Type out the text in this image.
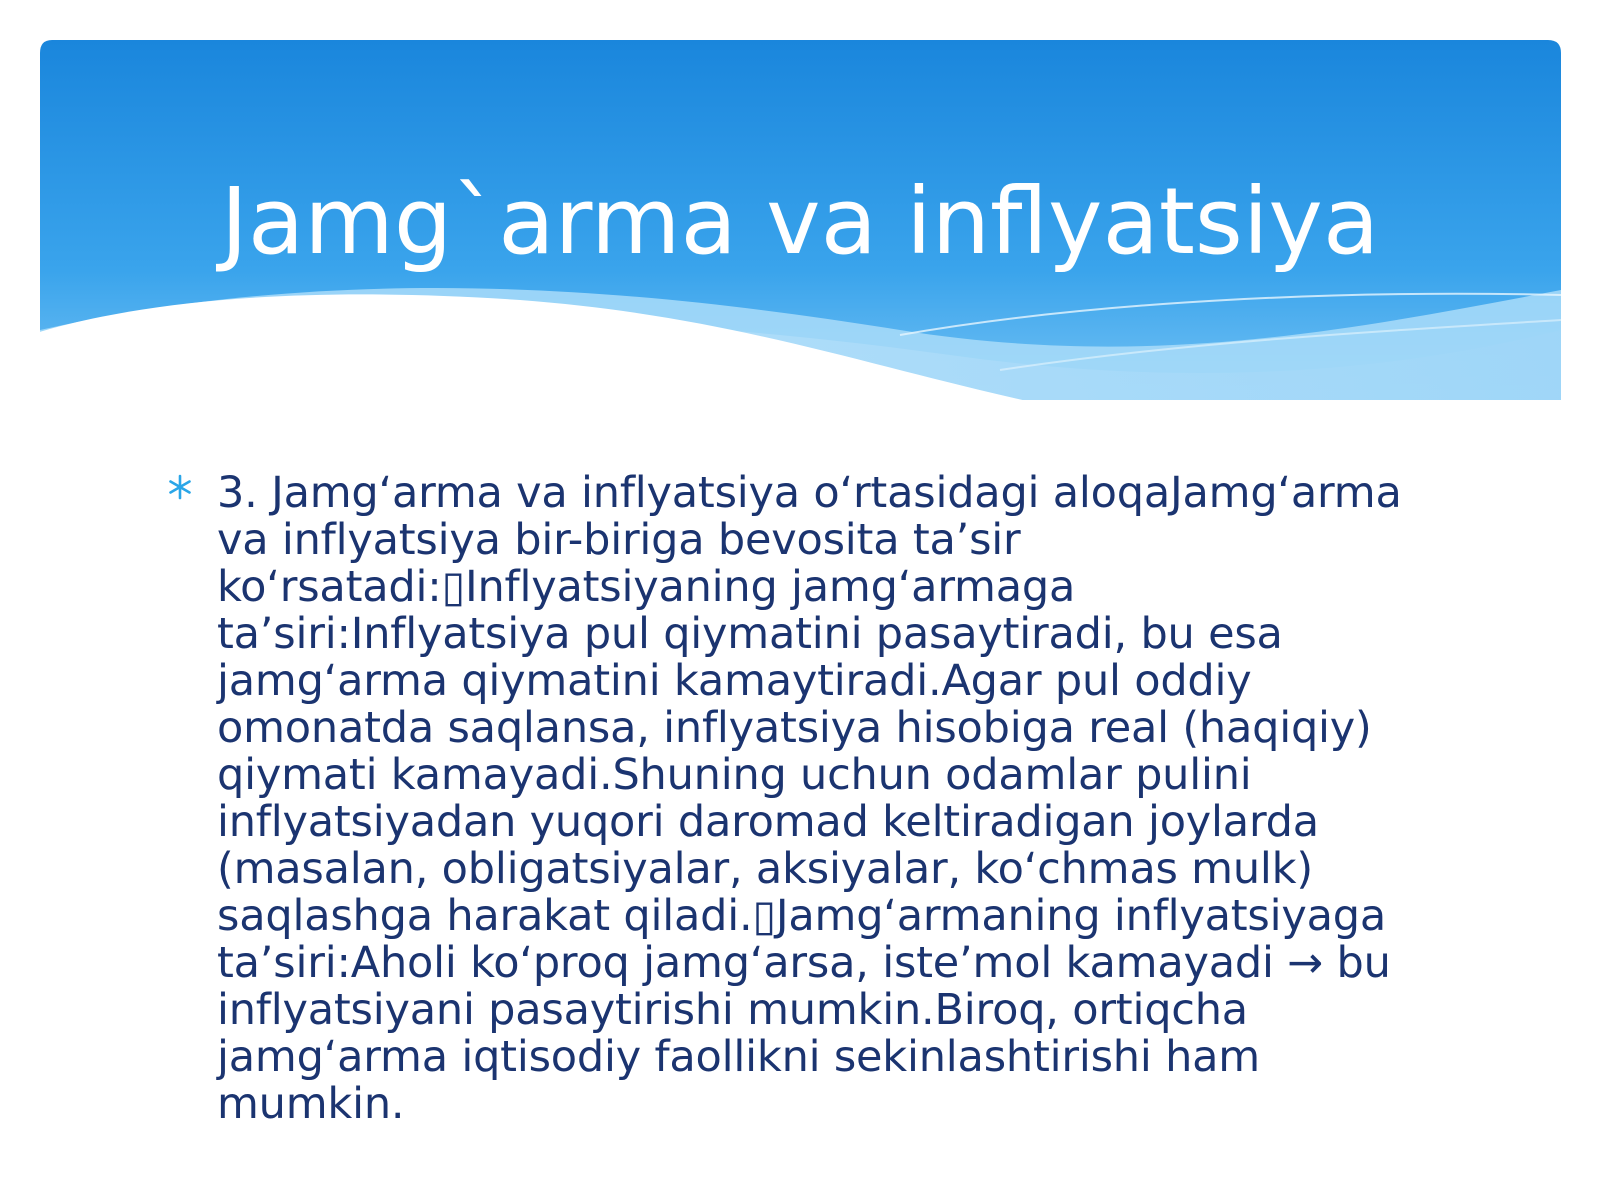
Jamg`arma va inflyatsiya

3. Jamg‘arma va inflyatsiya o‘rtasidagi aloqaJamg‘arma va inflyatsiya bir-biriga bevosita ta’sir ko‘rsatadi:▯Inflyatsiyaning jamg‘armaga ta’siri:Inflyatsiya pul qiymatini pasaytiradi, bu esa jamg‘arma qiymatini kamaytiradi.Agar pul oddiy omonatda saqlansa, inflyatsiya hisobiga real (haqiqiy) qiymati kamayadi.Shuning uchun odamlar pulini inflyatsiyadan yuqori daromad keltiradigan joylarda (masalan, obligatsiyalar, aksiyalar, ko‘chmas mulk) saqlashga harakat qiladi.▯Jamg‘armaning inflyatsiyaga ta’siri:Aholi ko‘proq jamg‘arsa, iste’mol kamayadi → bu inflyatsiyani pasaytirishi mumkin.Biroq, ortiqcha jamg‘arma iqtisodiy faollikni sekinlashtirishi ham mumkin.
